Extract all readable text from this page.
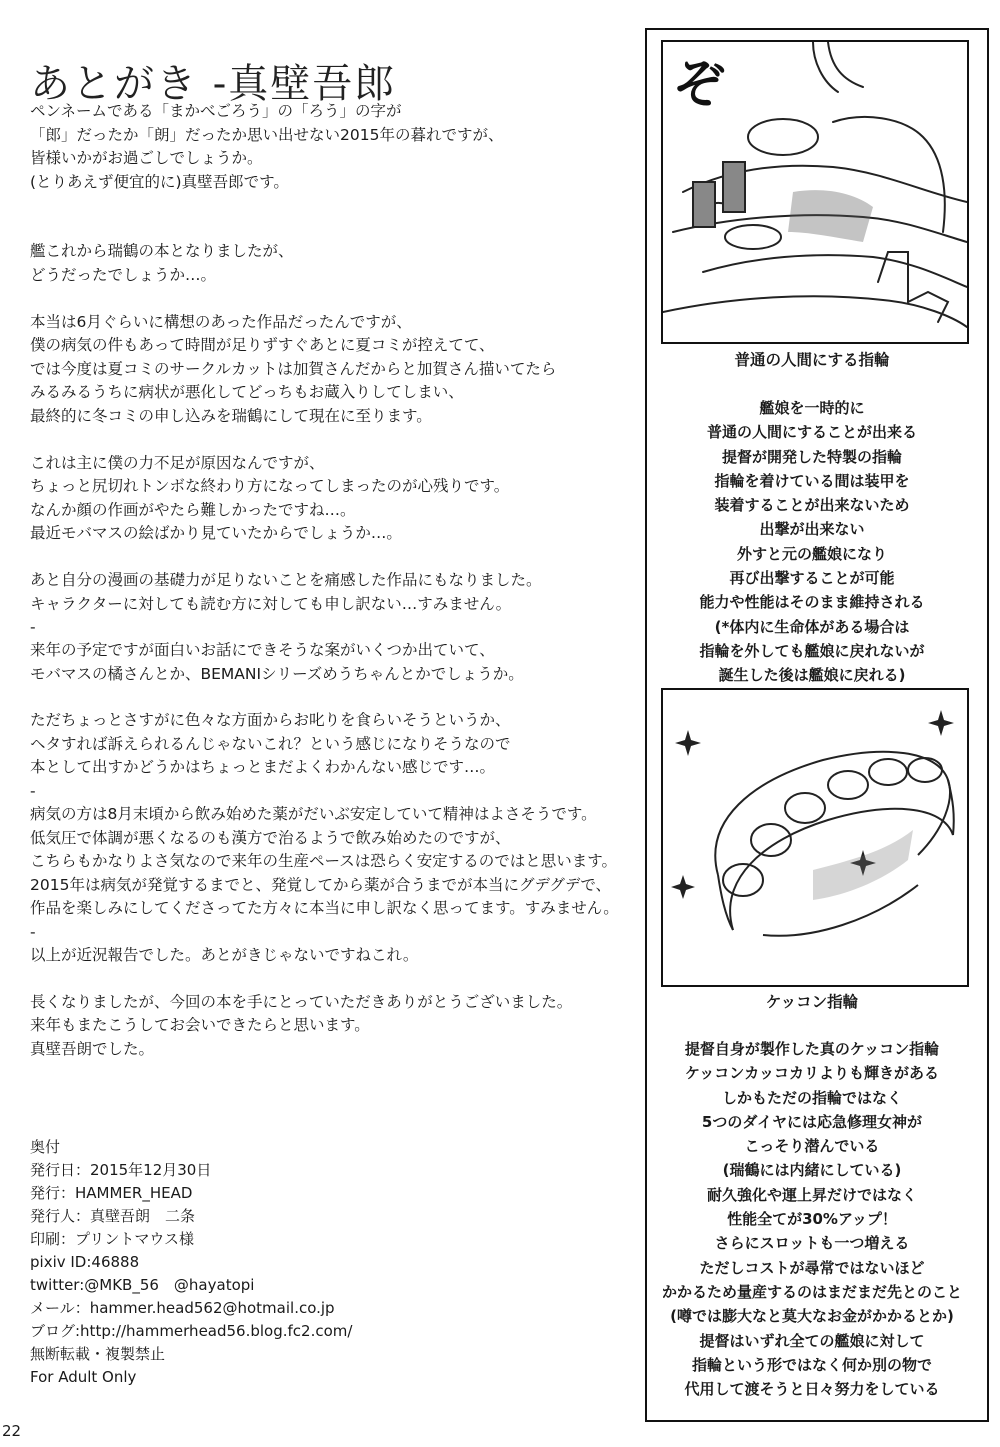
あとがき -真壁吾郎
ペンネームである「まかべごろう」の「ろう」の字が
「郎」だったか「朗」だったか思い出せない2015年の暮れですが、
皆様いかがお過ごしでしょうか。
(とりあえず便宜的に)真壁吾郎です。
艦これから瑞鶴の本となりましたが、
どうだったでしょうか…。
本当は6月ぐらいに構想のあった作品だったんですが、
僕の病気の件もあって時間が足りずすぐあとに夏コミが控えてて、
では今度は夏コミのサークルカットは加賀さんだからと加賀さん描いてたら
みるみるうちに病状が悪化してどっちもお蔵入りしてしまい、
最終的に冬コミの申し込みを瑞鶴にして現在に至ります。
これは主に僕の力不足が原因なんですが、
ちょっと尻切れトンボな終わり方になってしまったのが心残りです。
なんか顔の作画がやたら難しかったですね…。
最近モバマスの絵ばかり見ていたからでしょうか…。
あと自分の漫画の基礎力が足りないことを痛感した作品にもなりました。
キャラクターに対しても読む方に対しても申し訳ない…すみません。
-
来年の予定ですが面白いお話にできそうな案がいくつか出ていて、
モバマスの橘さんとか、BEMANIシリーズめうちゃんとかでしょうか。
ただちょっとさすがに色々な方面からお叱りを食らいそうというか、
ヘタすれば訴えられるんじゃないこれ？という感じになりそうなので
本として出すかどうかはちょっとまだよくわかんない感じです…。
-
病気の方は8月末頃から飲み始めた薬がだいぶ安定していて精神はよさそうです。
低気圧で体調が悪くなるのも漢方で治るようで飲み始めたのですが、
こちらもかなりよさ気なので来年の生産ペースは恐らく安定するのではと思います。
2015年は病気が発覚するまでと、発覚してから薬が合うまでが本当にグデグデで、
作品を楽しみにしてくださってた方々に本当に申し訳なく思ってます。すみません。
-
以上が近況報告でした。あとがきじゃないですねこれ。
長くなりましたが、今回の本を手にとっていただきありがとうございました。
来年もまたこうしてお会いできたらと思います。
真壁吾朗でした。
奥付
発行日：2015年12月30日
発行：HAMMER_HEAD
発行人：真壁吾朗　二条
印刷：プリントマウス様
pixiv ID:46888
twitter:@MKB_56　@hayatopi
メール：hammer.head562@hotmail.co.jp
ブログ:http://hammerhead56.blog.fc2.com/
無断転載・複製禁止
For Adult Only
22
ぞ
普通の人間にする指輪
艦娘を一時的に
普通の人間にすることが出来る
提督が開発した特製の指輪
指輪を着けている間は装甲を
装着することが出来ないため
出撃が出来ない
外すと元の艦娘になり
再び出撃することが可能
能力や性能はそのまま維持される
(*体内に生命体がある場合は
指輪を外しても艦娘に戻れないが
誕生した後は艦娘に戻れる)
ケッコン指輪
提督自身が製作した真のケッコン指輪
ケッコンカッコカリよりも輝きがある
しかもただの指輪ではなく
5つのダイヤには応急修理女神が
こっそり潜んでいる
(瑞鶴には内緒にしている)
耐久強化や運上昇だけではなく
性能全てが30%アップ！
さらにスロットも一つ増える
ただしコストが尋常ではないほど
かかるため量産するのはまだまだ先とのこと
(噂では膨大なと莫大なお金がかかるとか)
提督はいずれ全ての艦娘に対して
指輪という形ではなく何か別の物で
代用して渡そうと日々努力をしている
